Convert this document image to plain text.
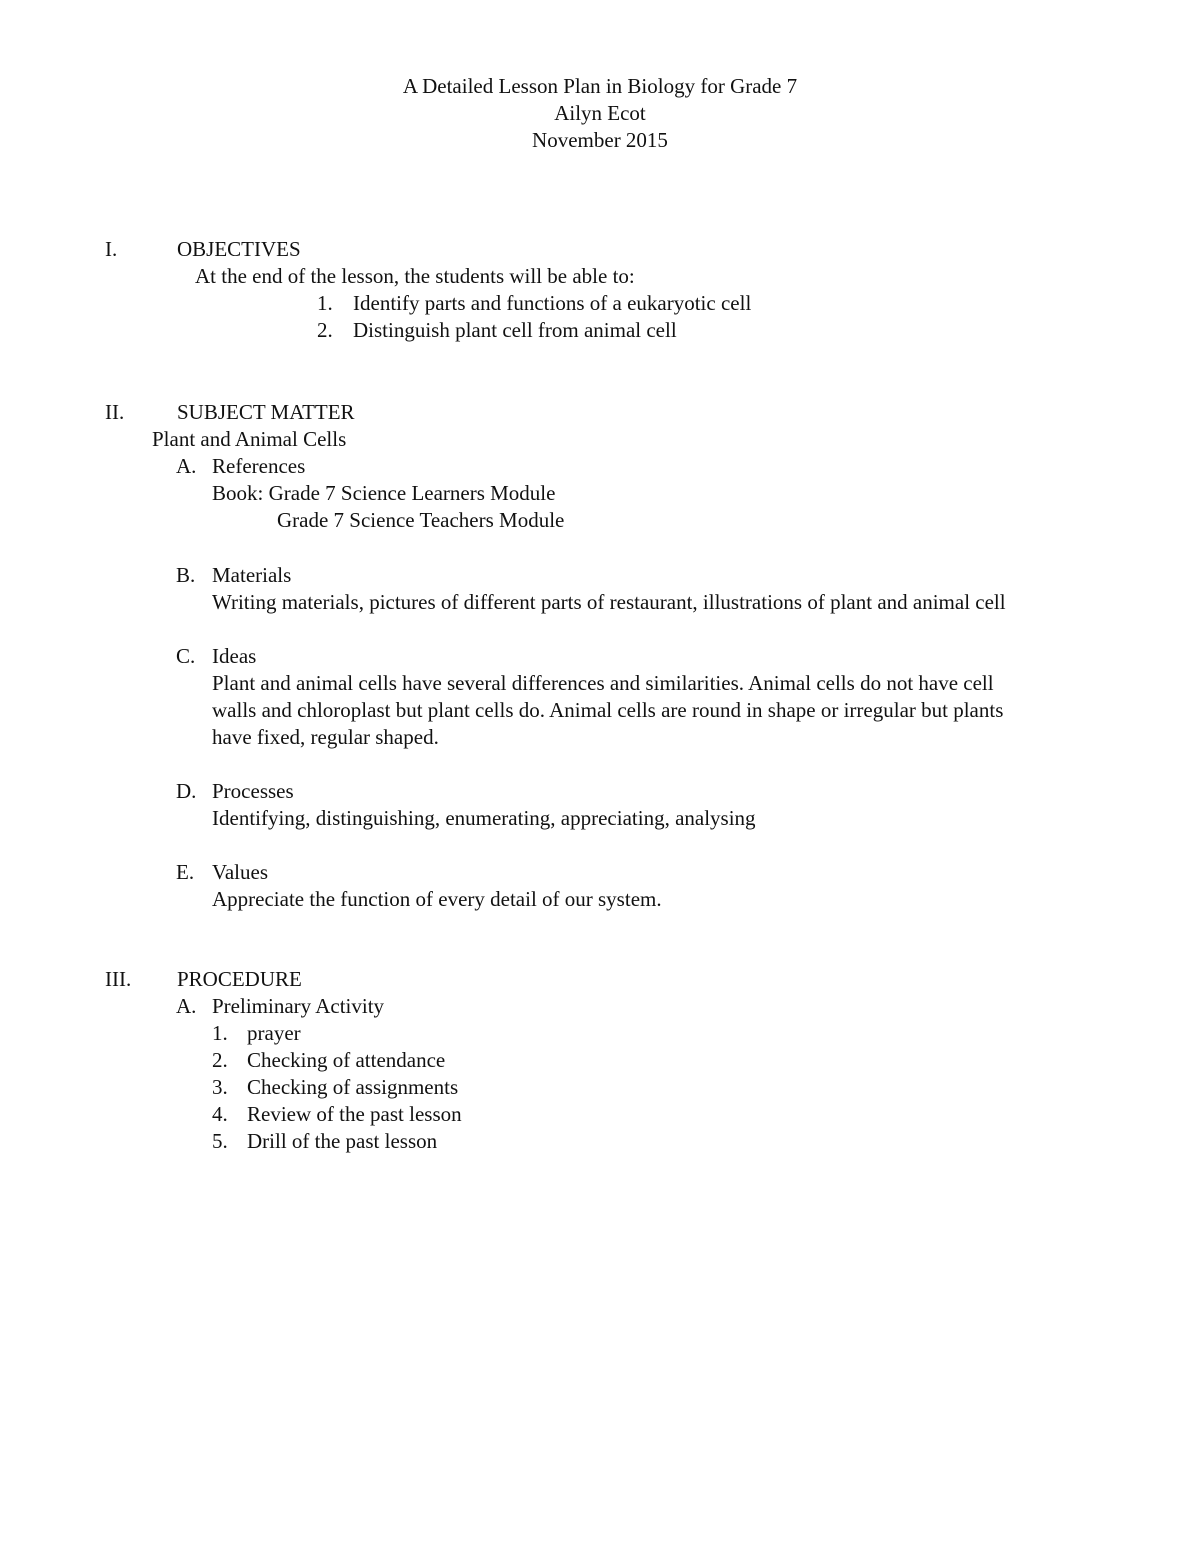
A Detailed Lesson Plan in Biology for Grade 7
Ailyn Ecot
November 2015
I.	OBJECTIVES
At the end of the lesson, the students will be able to:
1. Identify parts and functions of a eukaryotic cell
2. Distinguish plant cell from animal cell
II.	SUBJECT MATTER
Plant and Animal Cells
A. References
Book: Grade 7 Science Learners Module
Grade 7 Science Teachers Module
B. Materials
Writing materials, pictures of different parts of restaurant, illustrations of plant and animal cell
C. Ideas
Plant and animal cells have several differences and similarities. Animal cells do not have cell
walls and chloroplast but plant cells do. Animal cells are round in shape or irregular but plants
have fixed, regular shaped.
D. Processes
Identifying, distinguishing, enumerating, appreciating, analysing
E. Values
Appreciate the function of every detail of our system.
III. PROCEDURE
A. Preliminary Activity
1. prayer
2. Checking of attendance
3. Checking of assignments
4. Review of the past lesson
5. Drill of the past lesson
